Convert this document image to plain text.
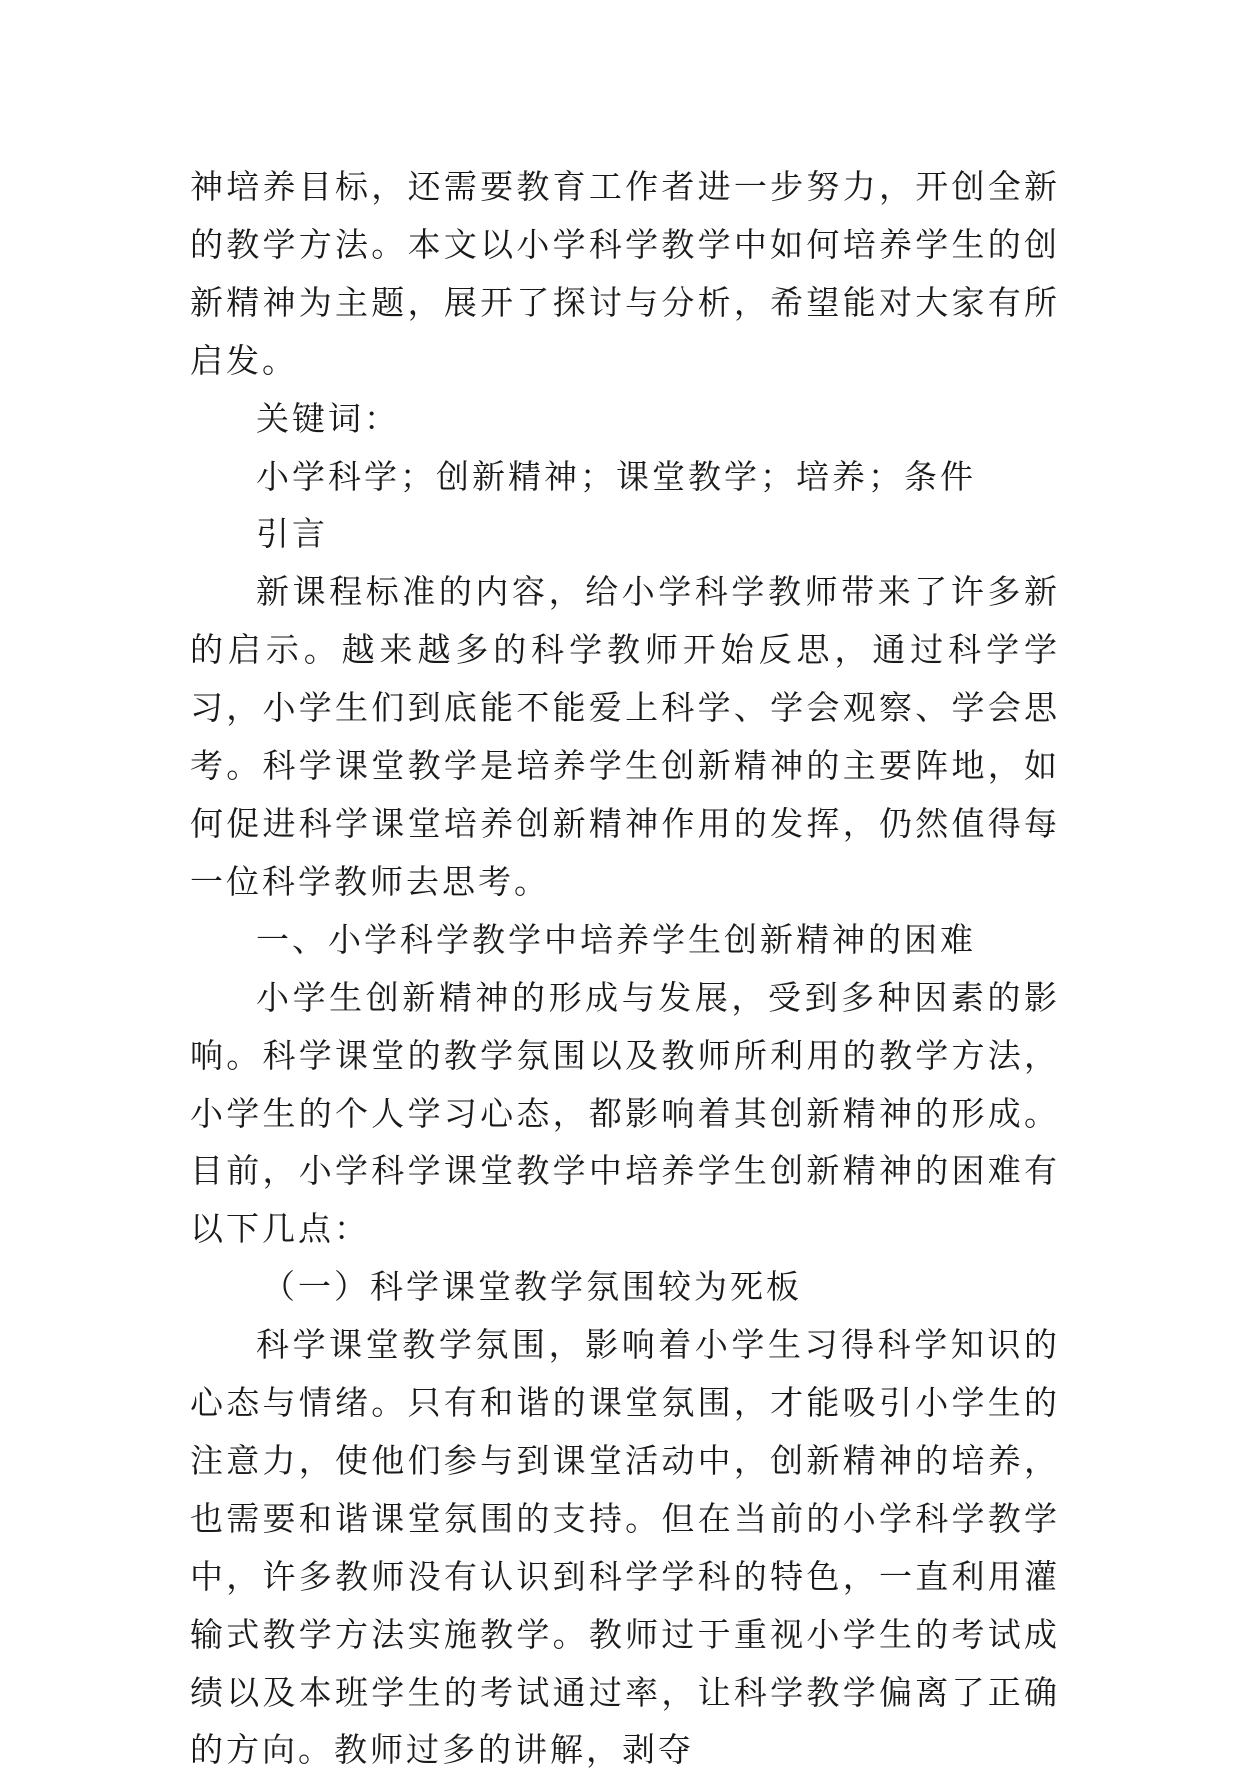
神培养目标，还需要教育工作者进一步努力，开创全新的教学方法。本文以小学科学教学中如何培养学生的创新精神为主题，展开了探讨与分析，希望能对大家有所启发。

关键词：

小学科学；创新精神；课堂教学；培养；条件

引言

新课程标准的内容，给小学科学教师带来了许多新的启示。越来越多的科学教师开始反思，通过科学学习，小学生们到底能不能爱上科学、学会观察、学会思考。科学课堂教学是培养学生创新精神的主要阵地，如何促进科学课堂培养创新精神作用的发挥，仍然值得每一位科学教师去思考。

一、小学科学教学中培养学生创新精神的困难

小学生创新精神的形成与发展，受到多种因素的影响。科学课堂的教学氛围以及教师所利用的教学方法，小学生的个人学习心态，都影响着其创新精神的形成。目前，小学科学课堂教学中培养学生创新精神的困难有以下几点：

（一）科学课堂教学氛围较为死板

科学课堂教学氛围，影响着小学生习得科学知识的心态与情绪。只有和谐的课堂氛围，才能吸引小学生的注意力，使他们参与到课堂活动中，创新精神的培养，也需要和谐课堂氛围的支持。但在当前的小学科学教学中，许多教师没有认识到科学学科的特色，一直利用灌输式教学方法实施教学。教师过于重视小学生的考试成绩以及本班学生的考试通过率，让科学教学偏离了正确的方向。教师过多的讲解，剥夺
